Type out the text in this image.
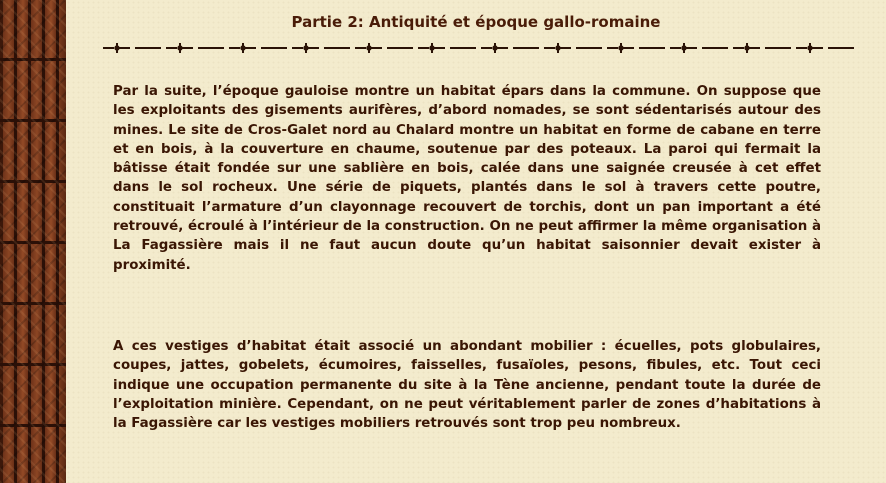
Partie 2: Antiquité et époque gallo-romaine

Par la suite, l’époque gauloise montre un habitat épars dans la commune. On suppose que les exploitants des gisements aurifères, d’abord nomades, se sont sédentarisés autour des mines. Le site de Cros-Galet nord au Chalard montre un habitat en forme de cabane en terre et en bois, à la couverture en chaume, soutenue par des poteaux. La paroi qui fermait la bâtisse était fondée sur une sablière en bois, calée dans une saignée creusée à cet effet dans le sol rocheux. Une série de piquets, plantés dans le sol à travers cette poutre, constituait l’armature d’un clayonnage recouvert de torchis, dont un pan important a été retrouvé, écroulé à l’intérieur de la construction. On ne peut affirmer la même organisation à La Fagassière mais il ne faut aucun doute qu’un habitat saisonnier devait exister à proximité.

A ces vestiges d’habitat était associé un abondant mobilier : écuelles, pots globulaires, coupes, jattes, gobelets, écumoires, faisselles, fusaïoles, pesons, fibules, etc. Tout ceci indique une occupation permanente du site à la Tène ancienne, pendant toute la durée de l’exploitation minière. Cependant, on ne peut véritablement parler de zones d’habitations à la Fagassière car les vestiges mobiliers retrouvés sont trop peu nombreux.
